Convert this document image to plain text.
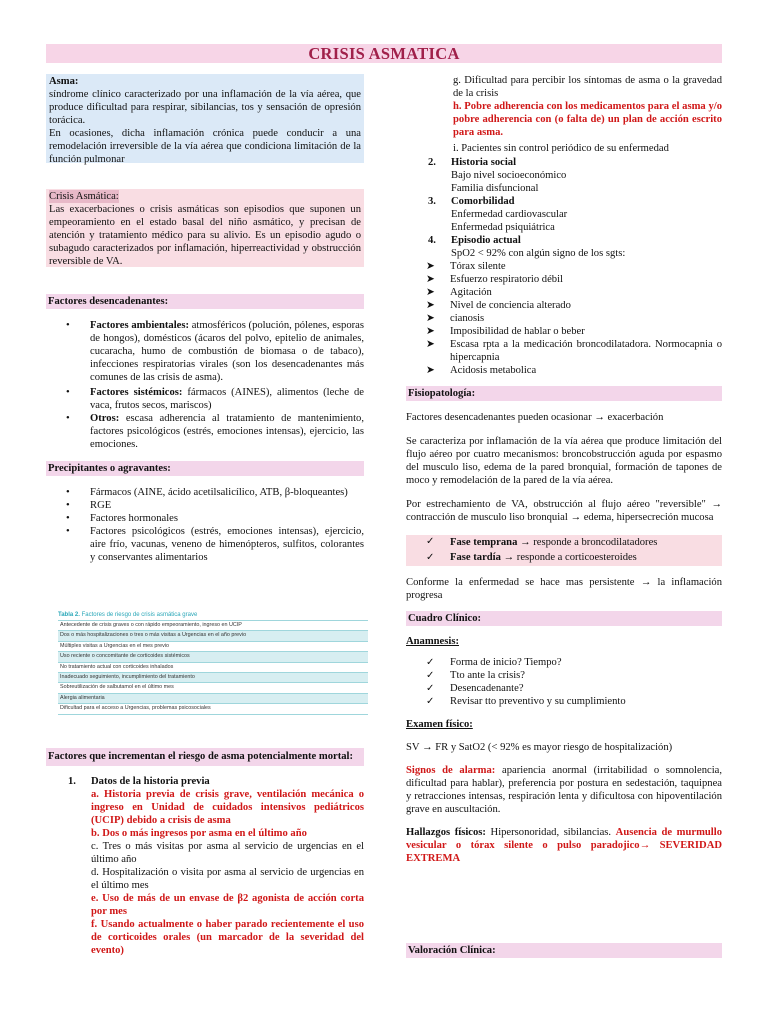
CRISIS ASMATICA

Asma:

síndrome clínico caracterizado por una inflamación de la vía aérea, que produce dificultad para respirar, sibilancias, tos y sensación de opresión torácica.

En ocasiones, dicha inflamación crónica puede conducir a una remodelación irreversible de la vía aérea que condiciona limitación de la función pulmonar

Crisis Asmática:

Las exacerbaciones o crisis asmáticas son episodios que suponen un empeoramiento en el estado basal del niño asmático, y precisan de atención y tratamiento médico para su alivio. Es un episodio agudo o subagudo caracterizados por inflamación, hiperreactividad y obstrucción reversible de VA.

Factores desencadenantes:
• Factores ambientales: atmosféricos (polución, pólenes, esporas de hongos), domésticos (ácaros del polvo, epitelio de animales, cucaracha, humo de combustión de biomasa o de tabaco), infecciones respiratorias virales (son los desencadenantes más comunes de las crisis de asma).
• Factores sistémicos: fármacos (AINES), alimentos (leche de vaca, frutos secos, mariscos)
• Otros: escasa adherencia al tratamiento de mantenimiento, factores psicológicos (estrés, emociones intensas), ejercicio, las emociones.
Precipitantes o agravantes:
• Fármacos (AINE, ácido acetilsalicílico, ATB, β-bloqueantes)
• RGE
• Factores hormonales
• Factores psicológicos (estrés, emociones intensas), ejercicio, aire frío, vacunas, veneno de himenópteros, sulfitos, colorantes y conservantes alimentarios
Tabla 2. Factores de riesgo de crisis asmática grave
Antecedente de crisis graves o con rápido empeoramiento, ingreso en UCIP
Dos o más hospitalizaciones o tres o más visitas a Urgencias en el año previo
Múltiples visitas a Urgencias en el mes previo
Uso reciente o concomitante de corticoides sistémicos
No tratamiento actual con corticoides inhalados
Inadecuado seguimiento, incumplimiento del tratamiento
Sobreutilización de salbutamol en el último mes
Alergia alimentaria
Dificultad para el acceso a Urgencias, problemas psicosociales
Factores que incrementan el riesgo de asma potencialmente mortal:
1. Datos de la historia previa

a. Historia previa de crisis grave, ventilación mecánica o ingreso en Unidad de cuidados intensivos pediátricos (UCIP) debido a crisis de asma

b. Dos o más ingresos por asma en el último año

c. Tres o más visitas por asma al servicio de urgencias en el último año

d. Hospitalización o visita por asma al servicio de urgencias en el último mes

e. Uso de más de un envase de β2 agonista de acción corta por mes

f. Usando actualmente o haber parado recientemente el uso de corticoides orales (un marcador de la severidad del evento)

g. Dificultad para percibir los síntomas de asma o la gravedad de la crisis

h. Pobre adherencia con los medicamentos para el asma y/o pobre adherencia con (o falta de) un plan de acción escrito para asma.

i. Pacientes sin control periódico de su enfermedad

2. Historia social

Bajo nivel socioeconómico

Familia disfuncional

3. Comorbilidad

Enfermedad cardiovascular

Enfermedad psiquiátrica

4. Episodio actual

SpO2 < 92% con algún signo de los sgts:

➤ Tórax silente
➤ Esfuerzo respiratorio débil
➤ Agitación
➤ Nivel de conciencia alterado
➤ cianosis
➤ Imposibilidad de hablar o beber
➤ Escasa rpta a la medicación broncodilatadora. Normocapnia o hipercapnia
➤ Acidosis metabolica
Fisiopatología:

Factores desencadenantes pueden ocasionar → exacerbación

Se caracteriza por inflamación de la vía aérea que produce limitación del flujo aéreo por cuatro mecanismos: broncobstrucción aguda por espasmo del musculo liso, edema de la pared bronquial, formación de tapones de moco y remodelación de la pared de la vía aérea.

Por estrechamiento de VA, obstrucción al flujo aéreo "reversible" → contracción de musculo liso bronquial → edema, hipersecreción mucosa

✓ Fase temprana → responde a broncodilatadores
✓ Fase tardía → responde a corticoesteroides

Conforme la enfermedad se hace mas persistente → la inflamación progresa

Cuadro Clínico:

Anamnesis:

✓ Forma de inicio? Tiempo?
✓ Tto ante la crisis?
✓ Desencadenante?
✓ Revisar tto preventivo y su cumplimiento

Examen físico:

SV → FR y SatO2 (< 92% es mayor riesgo de hospitalización)

Signos de alarma: apariencia anormal (irritabilidad o somnolencia, dificultad para hablar), preferencia por postura en sedestación, taquipnea y retracciones intensas, respiración lenta y dificultosa con hipoventilación grave en auscultación.

Hallazgos físicos: Hipersonoridad, sibilancias. Ausencia de murmullo vesicular o tórax silente o pulso paradojico→ SEVERIDAD EXTREMA

Valoración Clínica:
